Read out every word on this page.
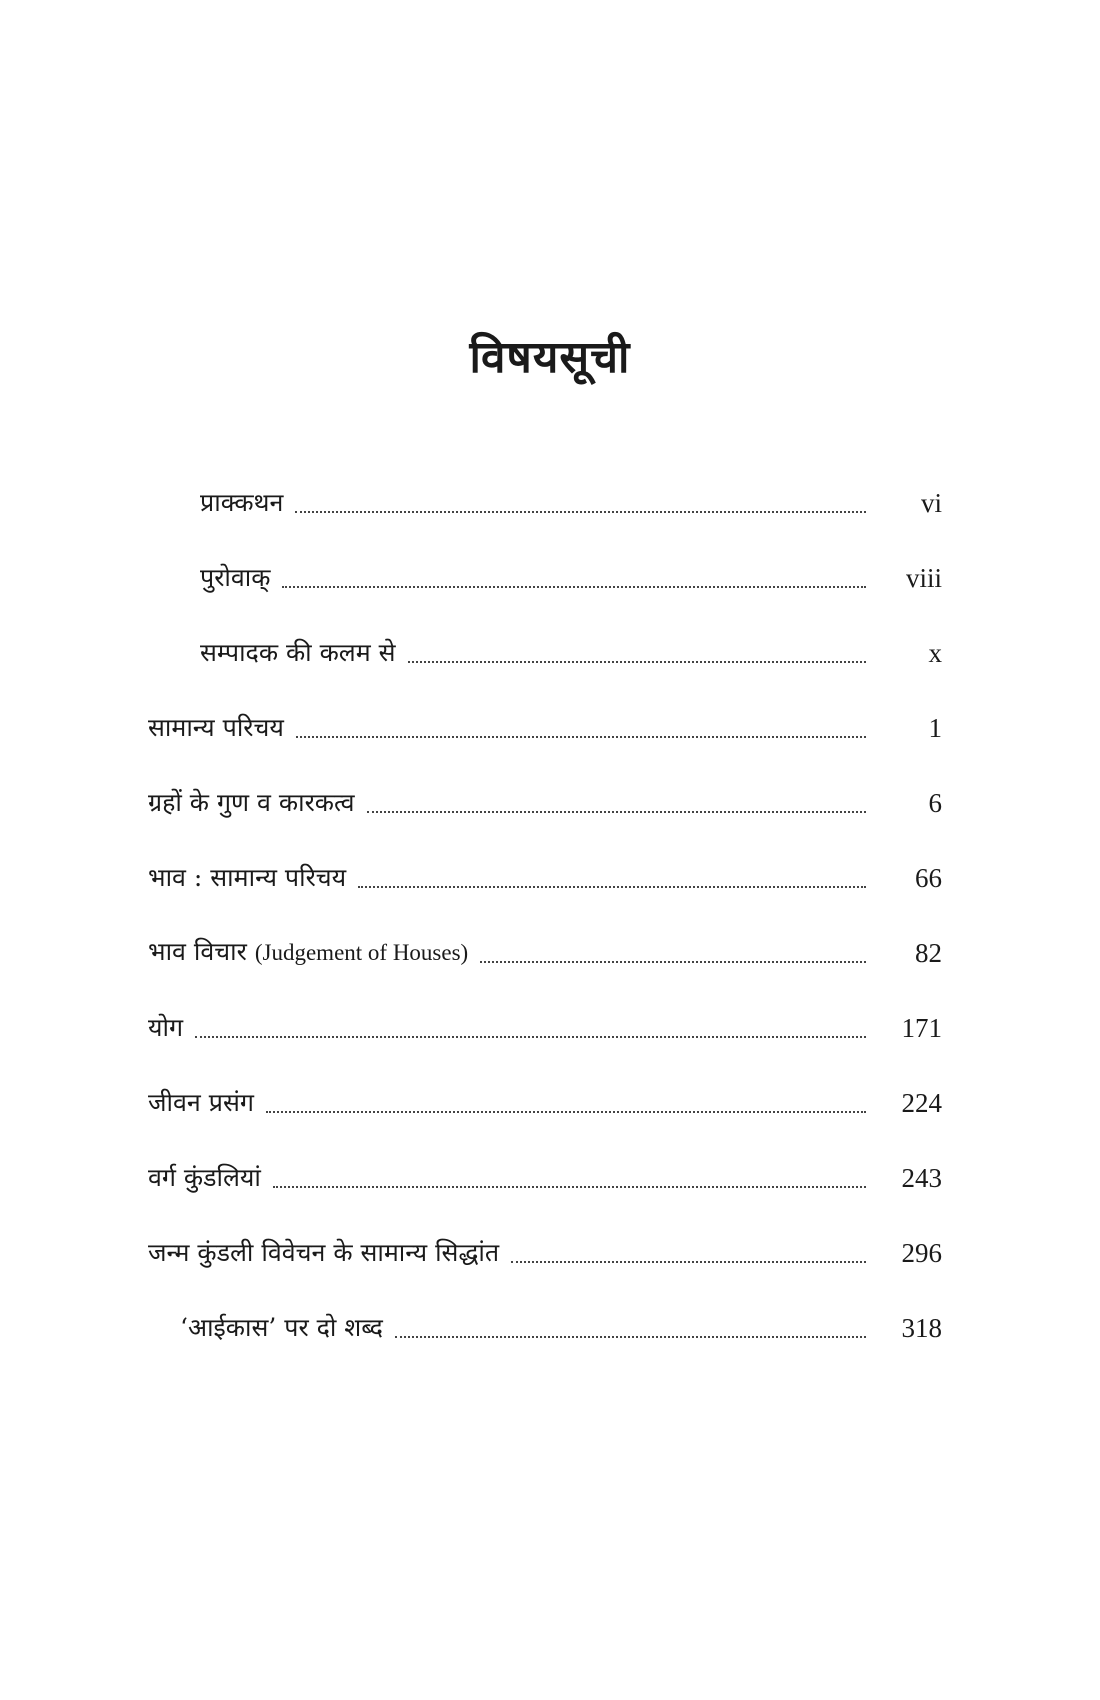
विषयसूची
प्राक्कथन	vi
पुरोवाक्	viii
सम्पादक की कलम से	x
सामान्य परिचय	1
ग्रहों के गुण व कारकत्व	6
भाव : सामान्य परिचय	66
भाव विचार (Judgement of Houses)	82
योग	171
जीवन प्रसंग	224
वर्ग कुंडलियां	243
जन्म कुंडली विवेचन के सामान्य सिद्धांत	296
‘आईकास’ पर दो शब्द	318
